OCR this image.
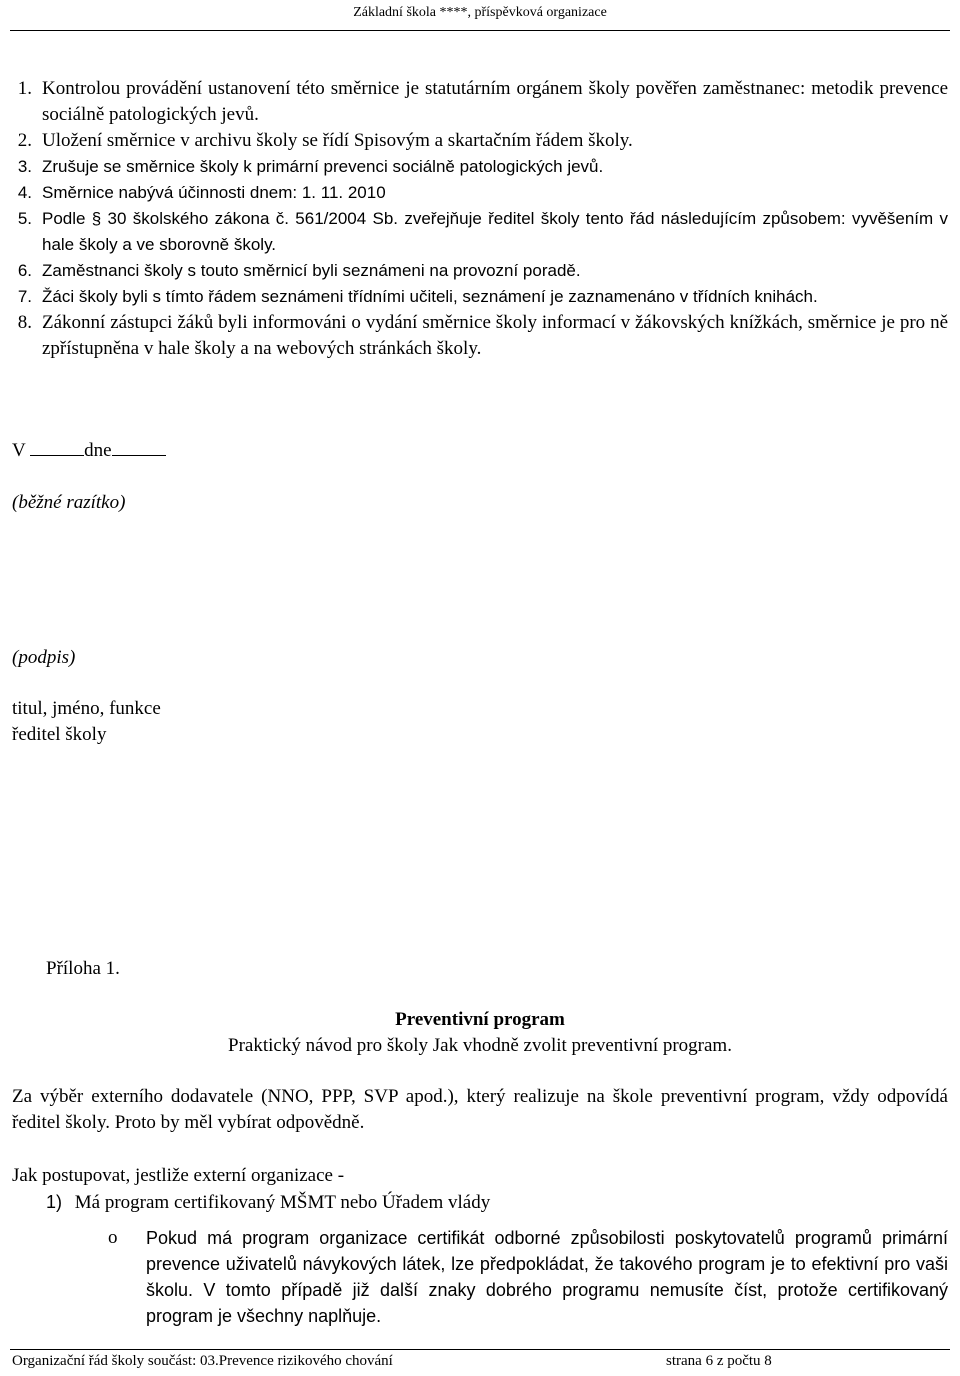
Základní škola ****, příspěvková organizace
1. Kontrolou provádění ustanovení této směrnice je statutárním orgánem školy pověřen zaměstnanec: metodik prevence sociálně patologických jevů.
2. Uložení směrnice v archivu školy se řídí Spisovým a skartačním řádem školy.
3. Zrušuje se směrnice školy k primární prevenci sociálně patologických jevů.
4. Směrnice nabývá účinnosti dnem: 1. 11. 2010
5. Podle § 30 školského zákona č. 561/2004 Sb. zveřejňuje ředitel školy tento řád následujícím způsobem: vyvěšením v hale školy a ve sborovně školy.
6. Zaměstnanci školy s touto směrnicí byli seznámeni na provozní poradě.
7. Žáci školy byli s tímto řádem seznámeni třídními učiteli, seznámení je zaznamenáno v třídních knihách.
8. Zákonní zástupci žáků byli informováni o vydání směrnice školy informací v žákovských knížkách, směrnice je pro ně zpřístupněna v hale školy a na webových stránkách školy.
V	dne
(běžné razítko)
(podpis)
titul, jméno, funkce
ředitel školy
Příloha 1.
Preventivní program
Praktický návod pro školy Jak vhodně zvolit preventivní program.
Za výběr externího dodavatele (NNO, PPP, SVP apod.), který realizuje na škole preventivní program, vždy odpovídá ředitel školy. Proto by měl vybírat odpovědně.
Jak postupovat, jestliže externí organizace -
1) Má program certifikovaný MŠMT nebo Úřadem vlády
o Pokud má program organizace certifikát odborné způsobilosti poskytovatelů programů primární prevence uživatelů návykových látek, lze předpokládat, že takového program je to efektivní pro vaši školu. V tomto případě již další znaky dobrého programu nemusíte číst, protože certifikovaný program je všechny naplňuje.
Organizační řád školy součást: 03.Prevence rizikového chování	strana 6 z počtu 8
